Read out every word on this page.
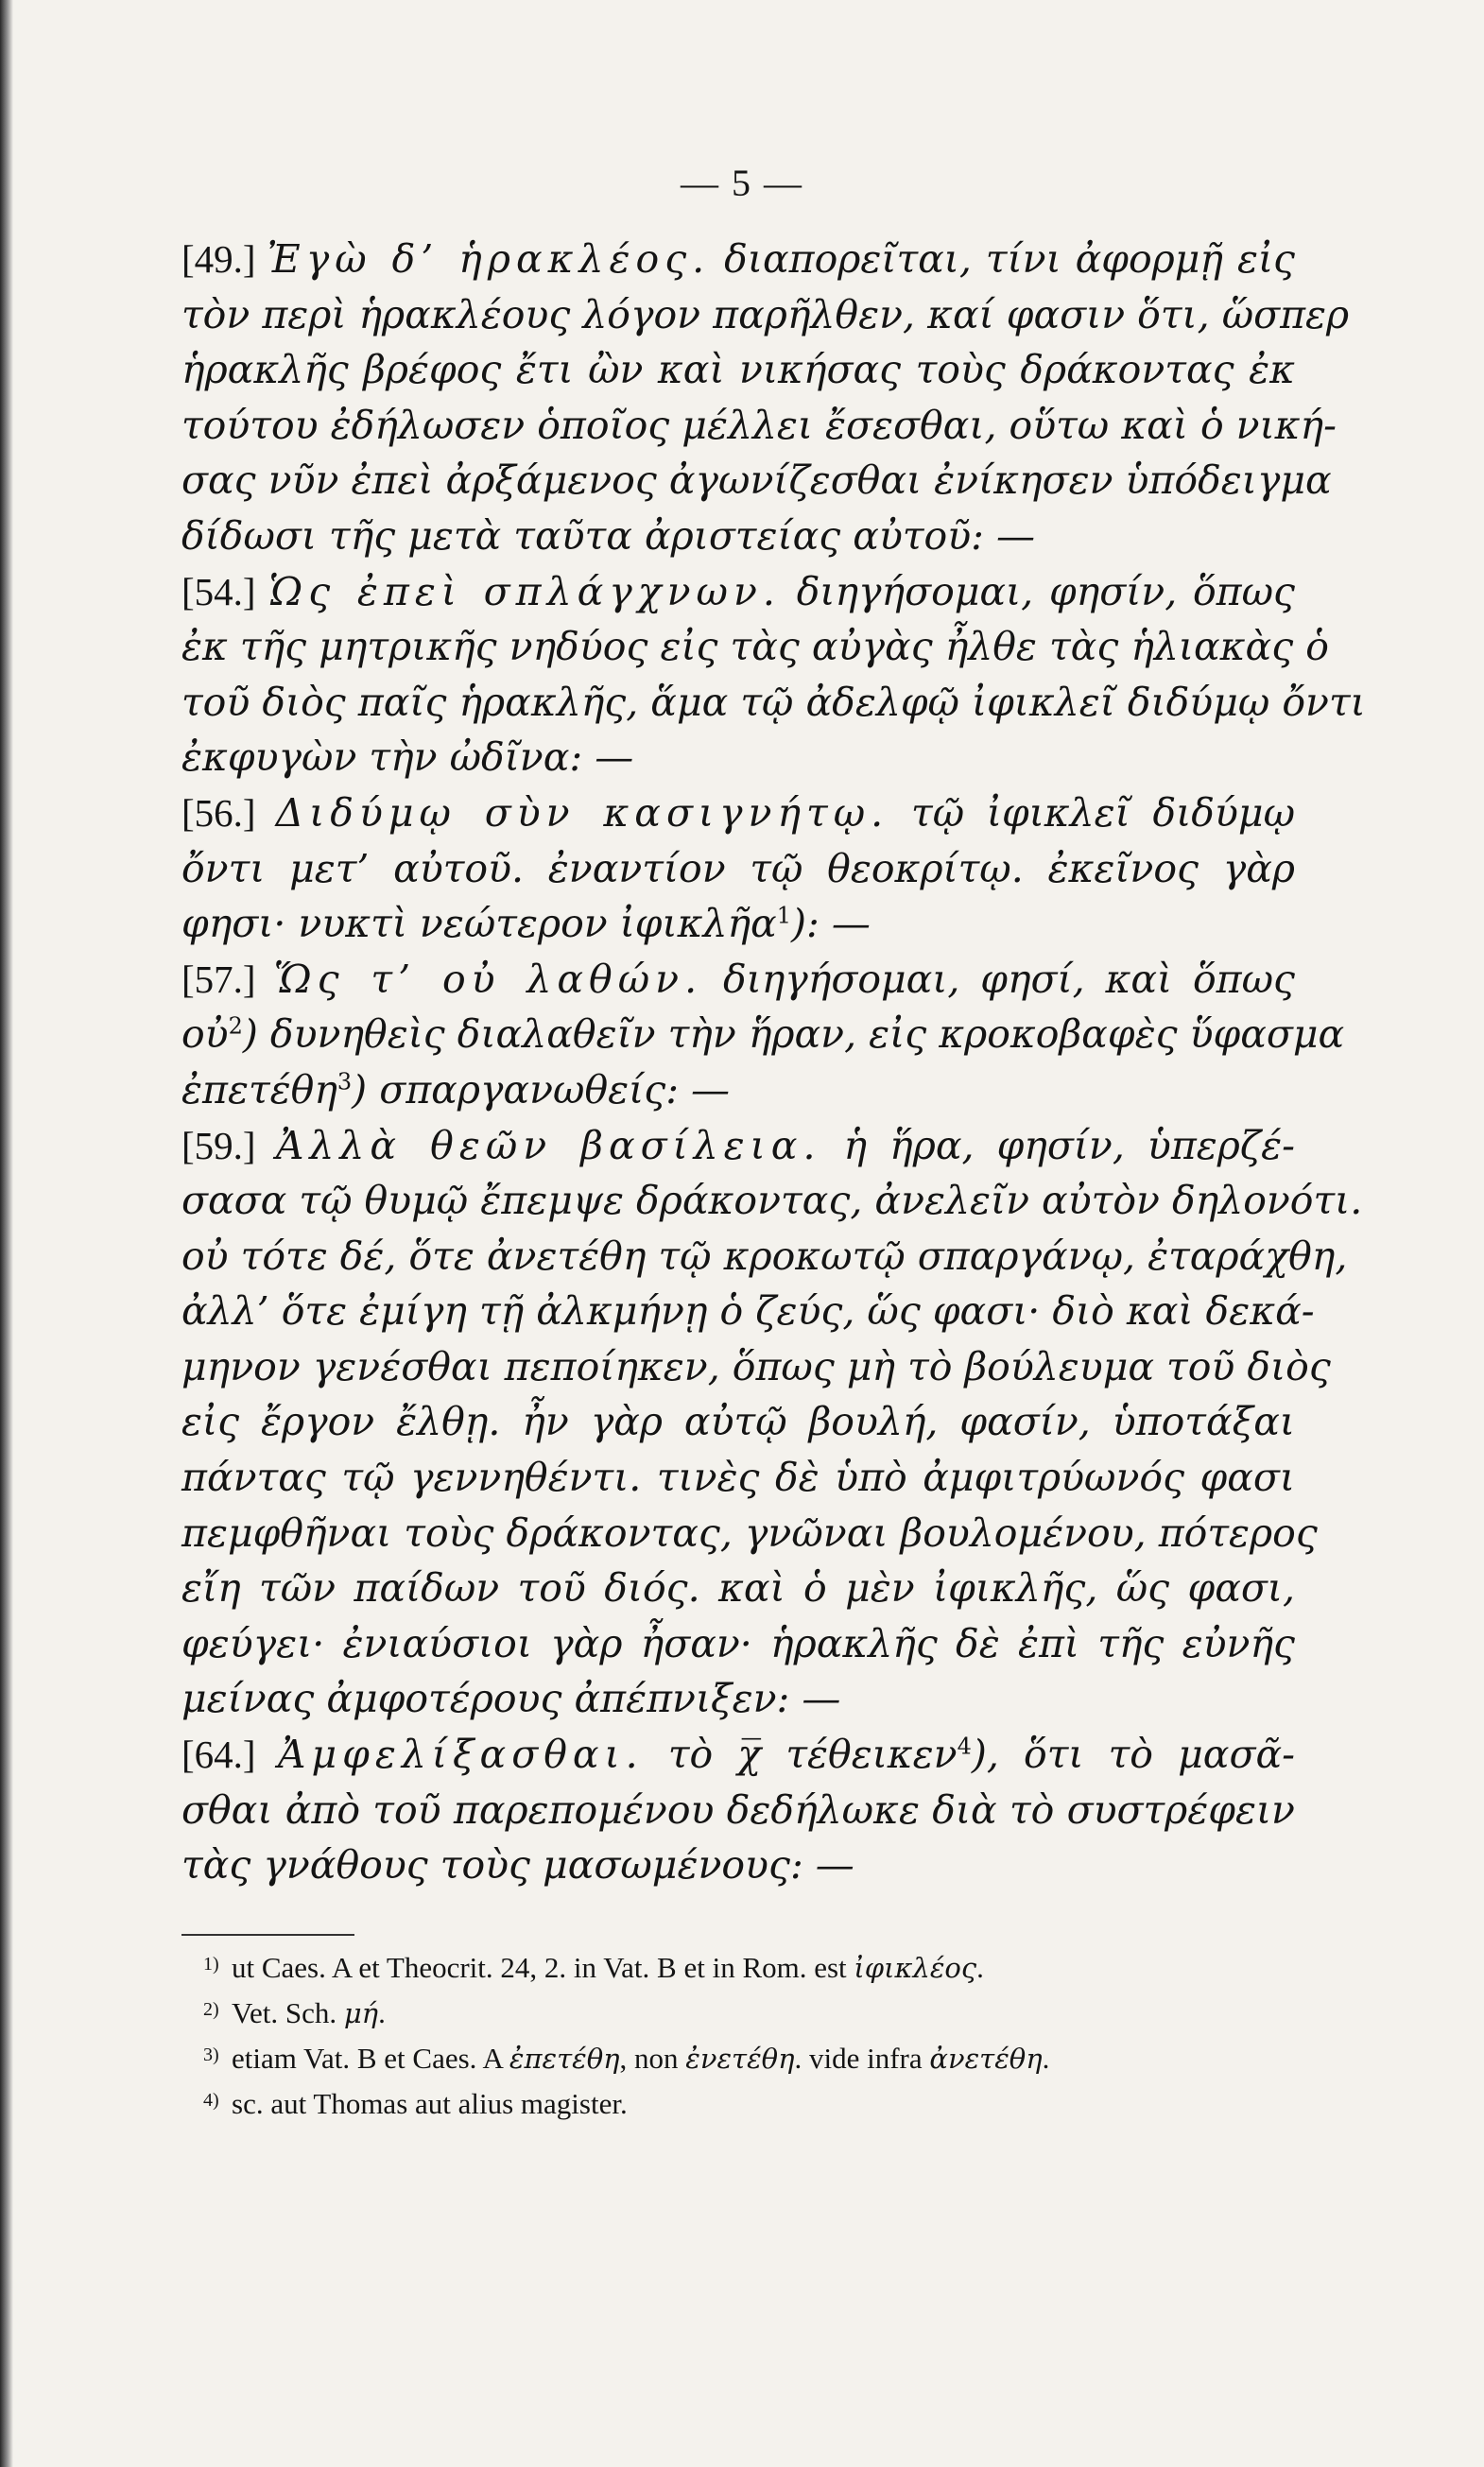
— 5 —
[49.] Ἐγὼ δ’ ἡρακλέος. διαπορεῖται, τίνι ἀφορμῇ εἰς
τὸν περὶ ἡρακλέους λόγον παρῆλθεν, καί φασιν ὅτι, ὥσπερ
ἡρακλῆς βρέφος ἔτι ὢν καὶ νικήσας τοὺς δράκοντας ἐκ
τούτου ἐδήλωσεν ὁποῖος μέλλει ἔσεσθαι, οὕτω καὶ ὁ νική-
σας νῦν ἐπεὶ ἀρξάμενος ἀγωνίζεσθαι ἐνίκησεν ὑπόδειγμα
δίδωσι τῆς μετὰ ταῦτα ἀριστείας αὐτοῦ: —
[54.] Ὡς ἐπεὶ σπλάγχνων. διηγήσομαι, φησίν, ὅπως
ἐκ τῆς μητρικῆς νηδύος εἰς τὰς αὐγὰς ἦλθε τὰς ἡλιακὰς ὁ
τοῦ διὸς παῖς ἡρακλῆς, ἅμα τῷ ἀδελφῷ ἰφικλεῖ διδύμῳ ὄντι
ἐκφυγὼν τὴν ὠδῖνα: —
[56.] Διδύμῳ σὺν κασιγνήτῳ. τῷ ἰφικλεῖ διδύμῳ
ὄντι μετ’ αὐτοῦ. ἐναντίον τῷ θεοκρίτῳ. ἐκεῖνος γὰρ
φησι· νυκτὶ νεώτερον ἰφικλῆα$^1$): —
[57.] Ὥς τ’ οὐ λαθών. διηγήσομαι, φησί, καὶ ὅπως
οὐ$^2$) δυνηθεὶς διαλαθεῖν τὴν ἥραν, εἰς κροκοβαφὲς ὕφασμα
ἐπετέθη$^3$) σπαργανωθείς: —
[59.] Ἀλλὰ θεῶν βασίλεια. ἡ ἥρα, φησίν, ὑπερζέ-
σασα τῷ θυμῷ ἔπεμψε δράκοντας, ἀνελεῖν αὐτὸν δηλονότι.
οὐ τότε δέ, ὅτε ἀνετέθη τῷ κροκωτῷ σπαργάνῳ, ἐταράχθη,
ἀλλ’ ὅτε ἐμίγη τῇ ἀλκμήνῃ ὁ ζεύς, ὥς φασι· διὸ καὶ δεκά-
μηνον γενέσθαι πεποίηκεν, ὅπως μὴ τὸ βούλευμα τοῦ διὸς
εἰς ἔργον ἔλθῃ. ἦν γὰρ αὐτῷ βουλή, φασίν, ὑποτάξαι
πάντας τῷ γεννηθέντι. τινὲς δὲ ὑπὸ ἀμφιτρύωνός φασι
πεμφθῆναι τοὺς δράκοντας, γνῶναι βουλομένου, πότερος
εἴη τῶν παίδων τοῦ διός. καὶ ὁ μὲν ἰφικλῆς, ὥς φασι,
φεύγει· ἐνιαύσιοι γὰρ ἦσαν· ἡρακλῆς δὲ ἐπὶ τῆς εὐνῆς
μείνας ἀμφοτέρους ἀπέπνιξεν: —
[64.] Ἀμφελίξασθαι. τὸ χ̅ τέθεικεν$^4$), ὅτι τὸ μασᾶ-
σθαι ἀπὸ τοῦ παρεπομένου δεδήλωκε διὰ τὸ συστρέφειν
τὰς γνάθους τοὺς μασωμένους: —
1) ut Caes. A et Theocrit. 24, 2. in Vat. B et in Rom. est ἰφικλέος.
2) Vet. Sch. μή.
3) etiam Vat. B et Caes. A ἐπετέθη, non ἐνετέθη. vide infra ἀνετέθη.
4) sc. aut Thomas aut alius magister.
